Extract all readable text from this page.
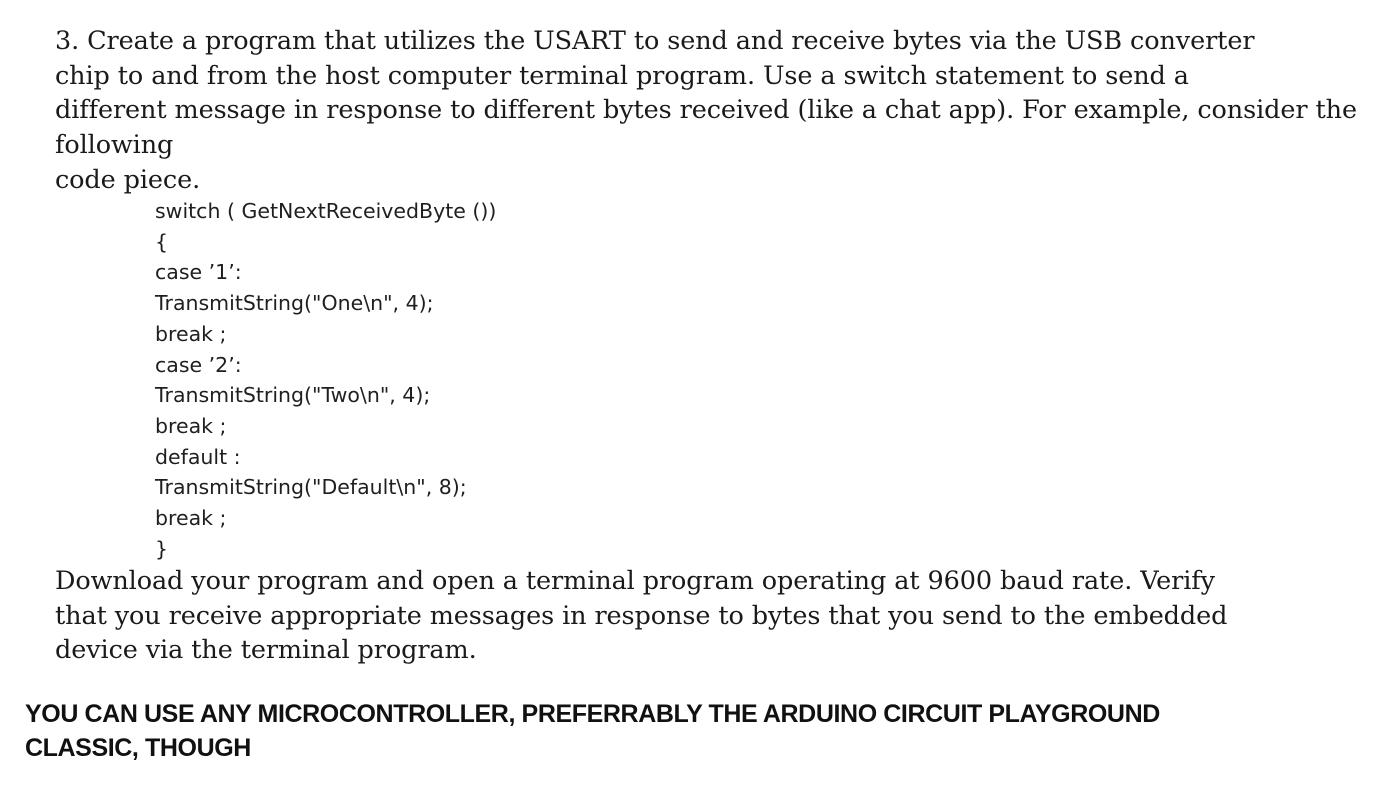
3. Create a program that utilizes the USART to send and receive bytes via the USB converter
chip to and from the host computer terminal program. Use a switch statement to send a
different message in response to different bytes received (like a chat app). For example, consider the
following
code piece.
switch ( GetNextReceivedByte ())
{
case ’1’:
TransmitString("One\n", 4);
break ;
case ’2’:
TransmitString("Two\n", 4);
break ;
default :
TransmitString("Default\n", 8);
break ;
}
Download your program and open a terminal program operating at 9600 baud rate. Verify
that you receive appropriate messages in response to bytes that you send to the embedded
device via the terminal program.
YOU CAN USE ANY MICROCONTROLLER, PREFERRABLY THE ARDUINO CIRCUIT PLAYGROUND
CLASSIC, THOUGH
